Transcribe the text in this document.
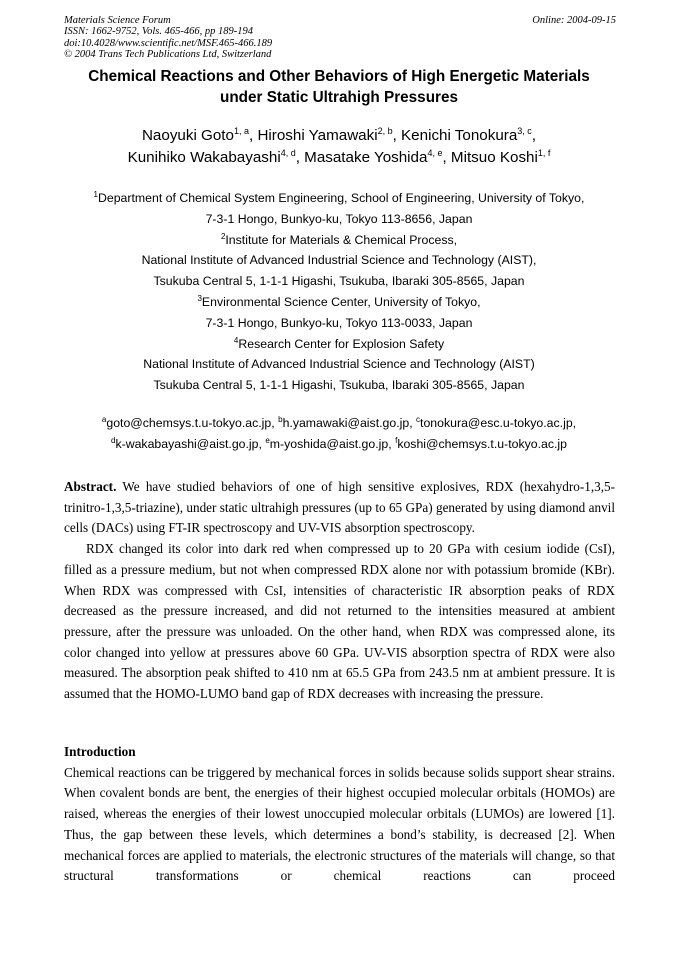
Materials Science Forum
ISSN: 1662-9752, Vols. 465-466, pp 189-194
doi:10.4028/www.scientific.net/MSF.465-466.189
© 2004 Trans Tech Publications Ltd, Switzerland
Online: 2004-09-15
Chemical Reactions and Other Behaviors of High Energetic Materials
under Static Ultrahigh Pressures
Naoyuki Goto$^{1, a}$, Hiroshi Yamawaki$^{2, b}$, Kenichi Tonokura$^{3, c}$,
Kunihiko Wakabayashi$^{4, d}$, Masatake Yoshida$^{4, e}$, Mitsuo Koshi$^{1, f}$
$^1$Department of Chemical System Engineering, School of Engineering, University of Tokyo,
7-3-1 Hongo, Bunkyo-ku, Tokyo 113-8656, Japan
$^2$Institute for Materials & Chemical Process,
National Institute of Advanced Industrial Science and Technology (AIST),
Tsukuba Central 5, 1-1-1 Higashi, Tsukuba, Ibaraki 305-8565, Japan
$^3$Environmental Science Center, University of Tokyo,
7-3-1 Hongo, Bunkyo-ku, Tokyo 113-0033, Japan
$^4$Research Center for Explosion Safety
National Institute of Advanced Industrial Science and Technology (AIST)
Tsukuba Central 5, 1-1-1 Higashi, Tsukuba, Ibaraki 305-8565, Japan
$^a$goto@chemsys.t.u-tokyo.ac.jp, $^b$h.yamawaki@aist.go.jp, $^c$tonokura@esc.u-tokyo.ac.jp,
$^d$k-wakabayashi@aist.go.jp, $^e$m-yoshida@aist.go.jp, $^f$koshi@chemsys.t.u-tokyo.ac.jp

Abstract. We have studied behaviors of one of high sensitive explosives, RDX (hexahydro-1,3,5-trinitro-1,3,5-triazine), under static ultrahigh pressures (up to 65 GPa) generated by using diamond anvil cells (DACs) using FT-IR spectroscopy and UV-VIS absorption spectroscopy.

RDX changed its color into dark red when compressed up to 20 GPa with cesium iodide (CsI), filled as a pressure medium, but not when compressed RDX alone nor with potassium bromide (KBr). When RDX was compressed with CsI, intensities of characteristic IR absorption peaks of RDX decreased as the pressure increased, and did not returned to the intensities measured at ambient pressure, after the pressure was unloaded. On the other hand, when RDX was compressed alone, its color changed into yellow at pressures above 60 GPa. UV-VIS absorption spectra of RDX were also measured. The absorption peak shifted to 410 nm at 65.5 GPa from 243.5 nm at ambient pressure. It is assumed that the HOMO-LUMO band gap of RDX decreases with increasing the pressure.

Introduction

Chemical reactions can be triggered by mechanical forces in solids because solids support shear strains. When covalent bonds are bent, the energies of their highest occupied molecular orbitals (HOMOs) are raised, whereas the energies of their lowest unoccupied molecular orbitals (LUMOs) are lowered [1]. Thus, the gap between these levels, which determines a bond’s stability, is decreased [2]. When mechanical forces are applied to materials, the electronic structures of the materials will change, so that structural transformations or chemical reactions can proceed
